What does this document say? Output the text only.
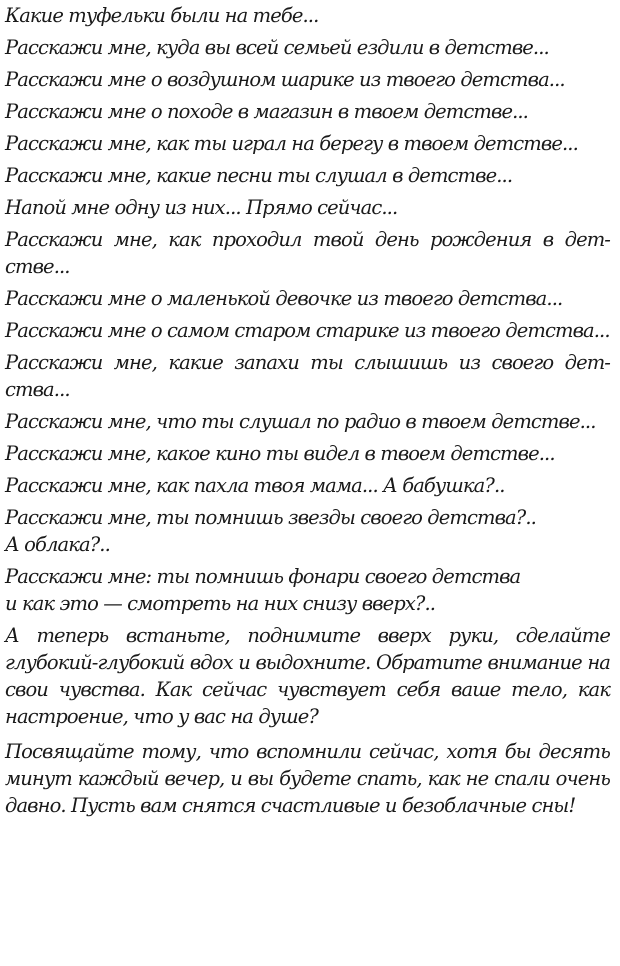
Какие туфельки были на тебе...

Расскажи мне, куда вы всей семьей ездили в детстве...

Расскажи мне о воздушном шарике из твоего детства...

Расскажи мне о походе в магазин в твоем детстве...

Расскажи мне, как ты играл на берегу в твоем детстве...

Расскажи мне, какие песни ты слушал в детстве...

Напой мне одну из них... Прямо сейчас...

Расскажи мне, как проходил твой день рождения в дет-стве...

Расскажи мне о маленькой девочке из твоего детства...

Расскажи мне о самом старом старике из твоего детства...

Расскажи мне, какие запахи ты слышишь из своего дет-ства...

Расскажи мне, что ты слушал по радио в твоем детстве...

Расскажи мне, какое кино ты видел в твоем детстве...

Расскажи мне, как пахла твоя мама... А бабушка?..

Расскажи мне, ты помнишь звезды своего детства?..
А облака?..

Расскажи мне: ты помнишь фонари своего детства
и как это — смотреть на них снизу вверх?..

А теперь встаньте, поднимите вверх руки, сделайте глубокий-глубокий вдох и выдохните. Обратите внимание на свои чувства. Как сейчас чувствует себя ваше тело, как настроение, что у вас на душе?

Посвящайте тому, что вспомнили сейчас, хотя бы десять минут каждый вечер, и вы будете спать, как не спали очень давно. Пусть вам снятся счастливые и безоблачные сны!
